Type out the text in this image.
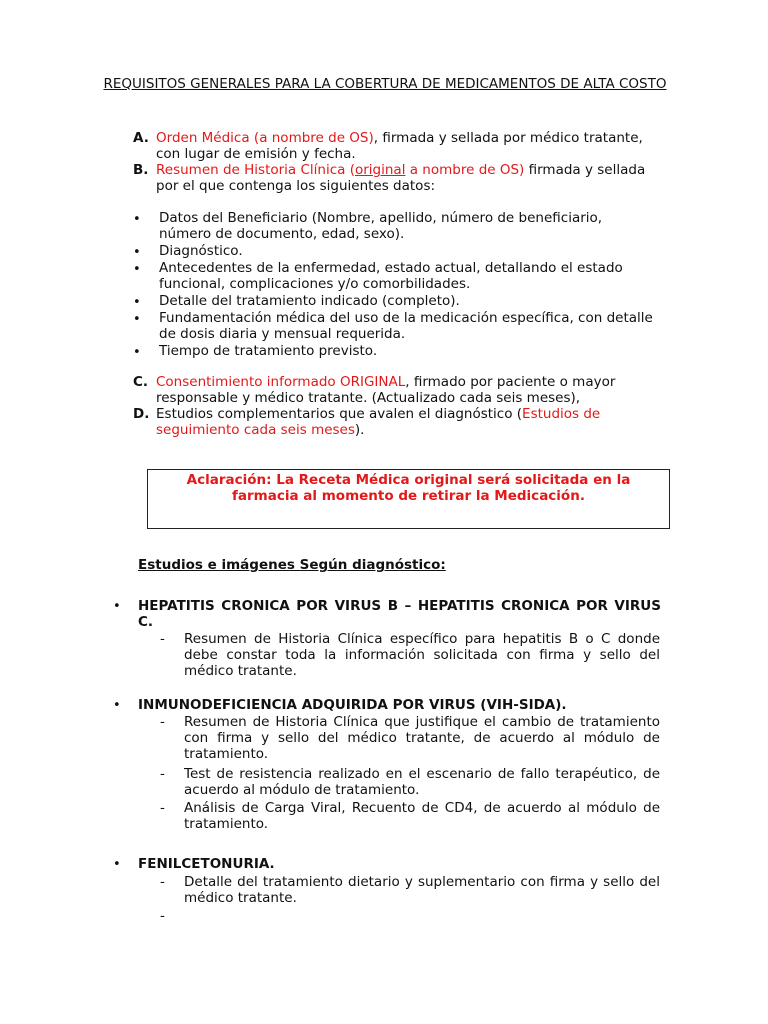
REQUISITOS GENERALES PARA LA COBERTURA DE MEDICAMENTOS DE ALTA COSTO
A. Orden Médica (a nombre de OS), firmada y sellada por médico tratante, con lugar de emisión y fecha.
B. Resumen de Historia Clínica (original a nombre de OS) firmada y sellada por el que contenga los siguientes datos:
• Datos del Beneficiario (Nombre, apellido, número de beneficiario, número de documento, edad, sexo).
• Diagnóstico.
• Antecedentes de la enfermedad, estado actual, detallando el estado funcional, complicaciones y/o comorbilidades.
• Detalle del tratamiento indicado (completo).
• Fundamentación médica del uso de la medicación específica, con detalle de dosis diaria y mensual requerida.
• Tiempo de tratamiento previsto.
C. Consentimiento informado ORIGINAL, firmado por paciente o mayor responsable y médico tratante. (Actualizado cada seis meses),
D. Estudios complementarios que avalen el diagnóstico (Estudios de seguimiento cada seis meses).
Aclaración: La Receta Médica original será solicitada en la farmacia al momento de retirar la Medicación.
Estudios e imágenes Según diagnóstico:
• HEPATITIS CRONICA POR VIRUS B – HEPATITIS CRONICA POR VIRUS C.
- Resumen de Historia Clínica específico para hepatitis B o C donde debe constar toda la información solicitada con firma y sello del médico tratante.
• INMUNODEFICIENCIA ADQUIRIDA POR VIRUS (VIH-SIDA).
- Resumen de Historia Clínica que justifique el cambio de tratamiento con firma y sello del médico tratante, de acuerdo al módulo de tratamiento.
- Test de resistencia realizado en el escenario de fallo terapéutico, de acuerdo al módulo de tratamiento.
- Análisis de Carga Viral, Recuento de CD4, de acuerdo al módulo de tratamiento.
• FENILCETONURIA.
- Detalle del tratamiento dietario y suplementario con firma y sello del médico tratante.
-
